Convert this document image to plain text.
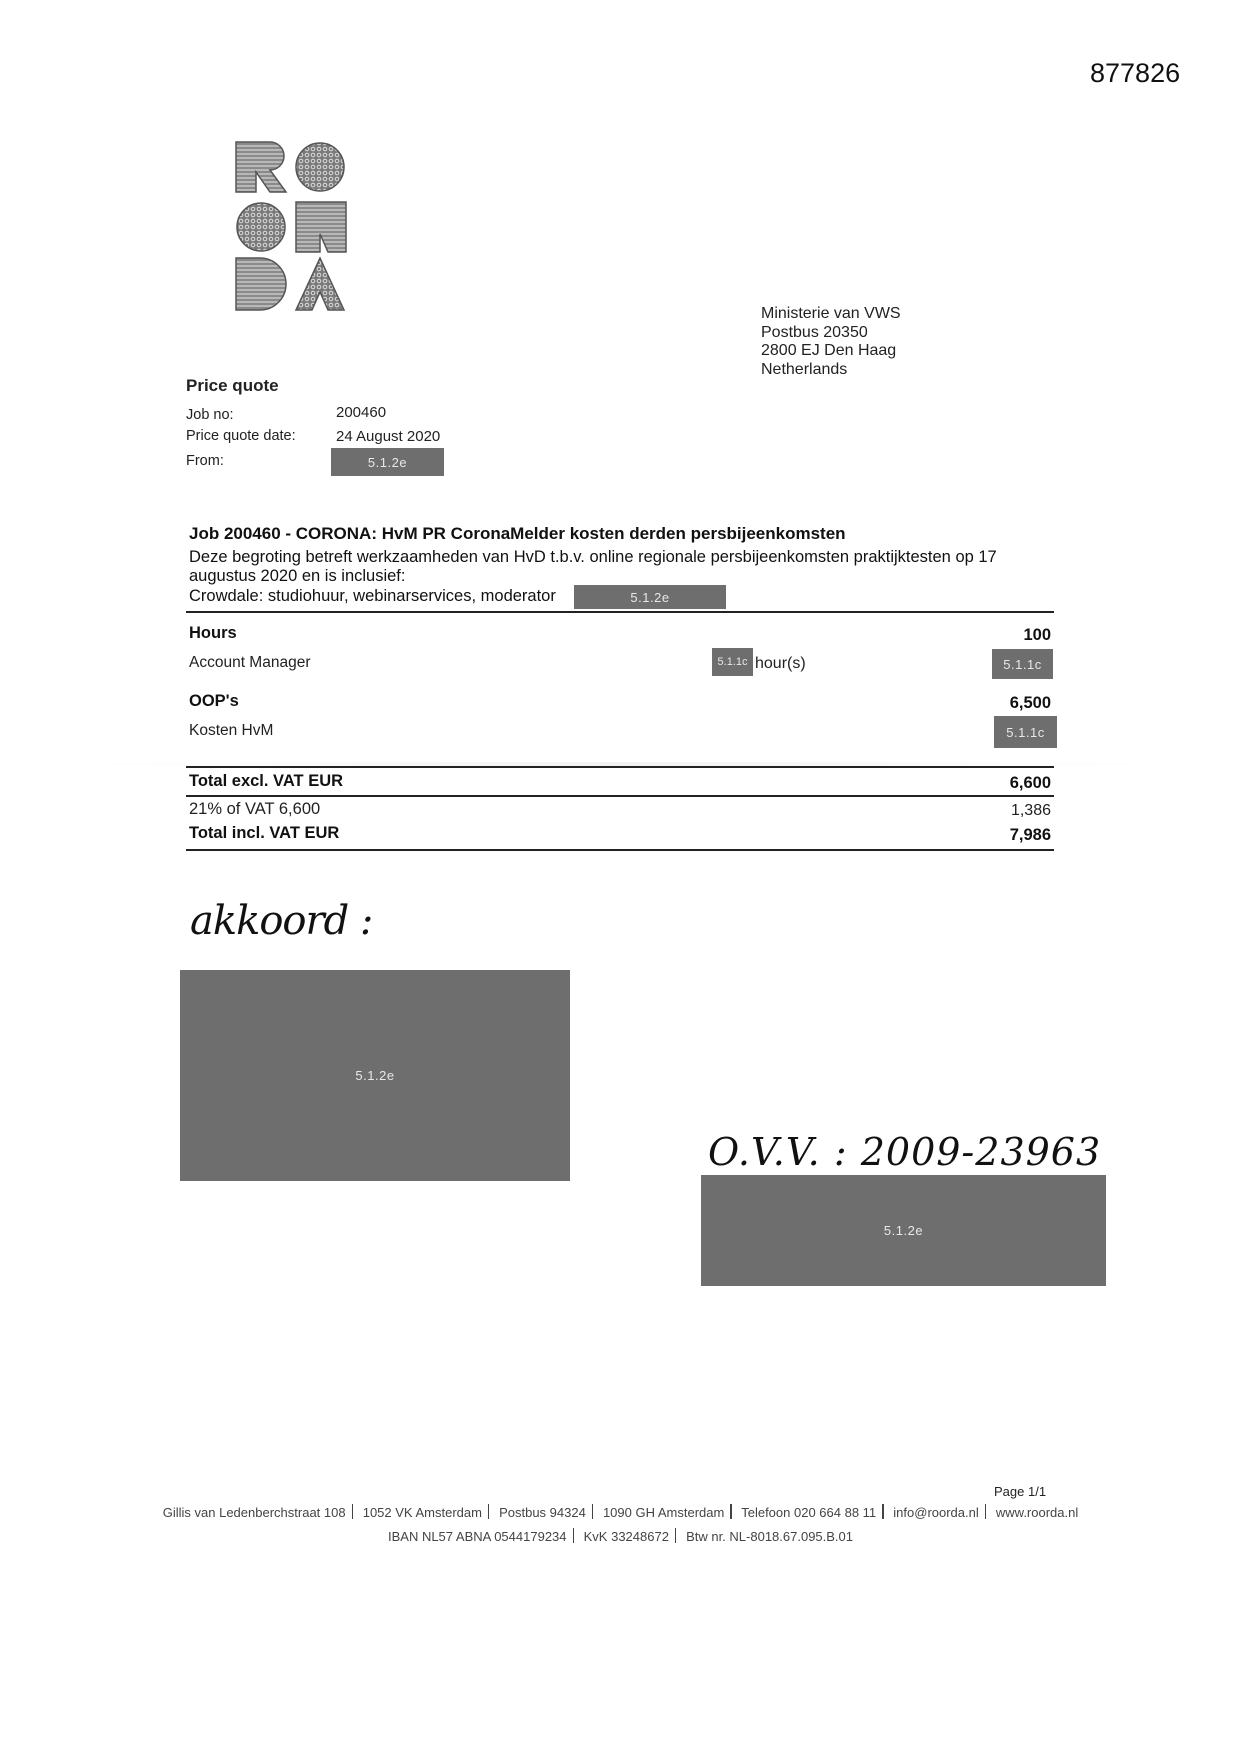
877826
Ministerie van VWS
Postbus 20350
2800 EJ Den Haag
Netherlands
Price quote
Job no:	200460
Price quote date:	24 August 2020
From:	5.1.2e
Job 200460 - CORONA: HvM PR CoronaMelder kosten derden persbijeenkomsten
Deze begroting betreft werkzaamheden van HvD t.b.v. online regionale persbijeenkomsten praktijktesten op 17 augustus 2020 en is inclusief:
Crowdale: studiohuur, webinarservices, moderator	5.1.2e
Hours	100
Account Manager	5.1.1c hour(s)	5.1.1c
OOP's	6,500
Kosten HvM	5.1.1c
Total excl. VAT EUR	6,600
21% of VAT 6,600	1,386
Total incl. VAT EUR	7,986
akkoord :
5.1.2e
O.V.V. : 2009-23963
5.1.2e
Page 1/1
Gillis van Ledenberchstraat 108 1052 VK Amsterdam Postbus 94324 1090 GH Amsterdam Telefoon 020 664 88 11 info@roorda.nl www.roorda.nl
IBAN NL57 ABNA 0544179234 KvK 33248672 Btw nr. NL-8018.67.095.B.01
